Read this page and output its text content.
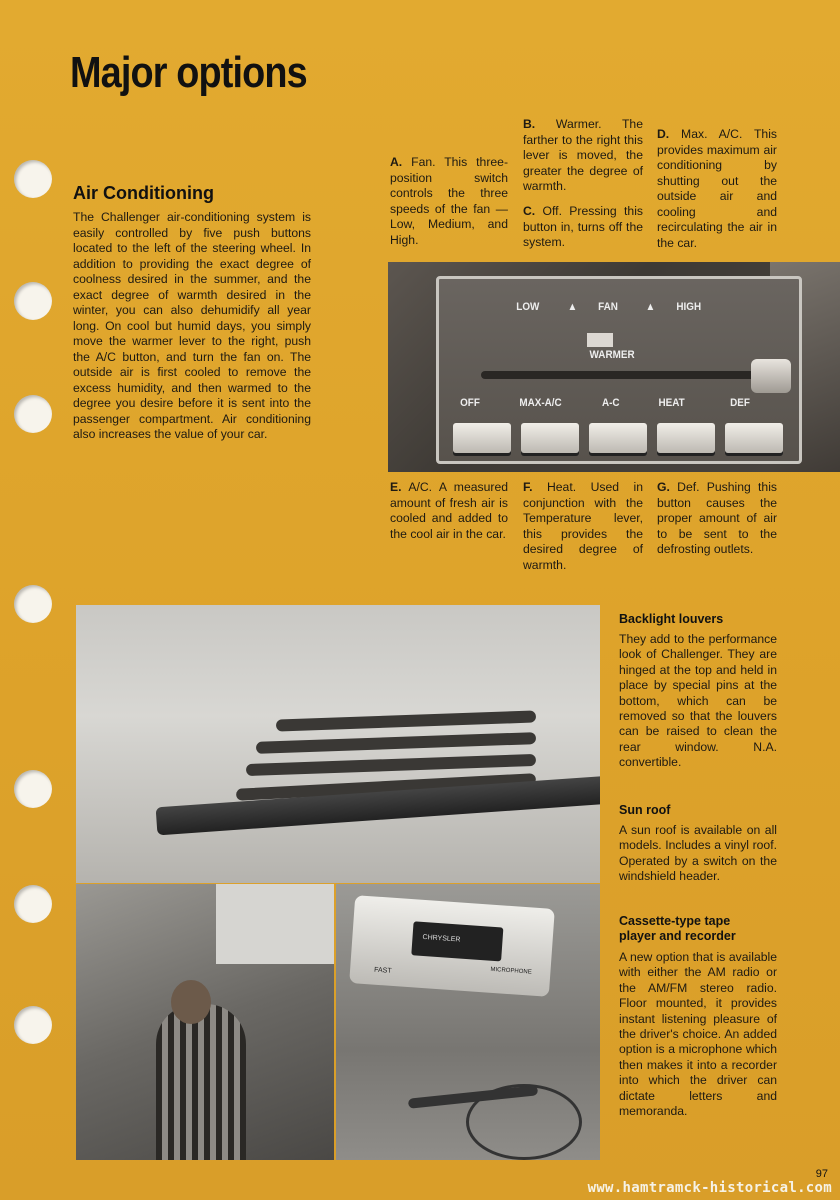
Major options
Air Conditioning

The Challenger air-conditioning system is easily controlled by five push buttons located to the left of the steering wheel. In addition to providing the exact degree of coolness desired in the summer, and the exact degree of warmth desired in the winter, you can also dehumidify all year long. On cool but humid days, you simply move the warmer lever to the right, push the A/C button, and turn the fan on. The outside air is first cooled to remove the excess humidity, and then warmed to the degree you desire before it is sent into the passenger compartment. Air conditioning also increases the value of your car.

A. Fan. This three-position switch controls the three speeds of the fan —Low, Medium, and High.

B. Warmer. The farther to the right this lever is moved, the greater the degree of warmth.

C. Off. Pressing this button in, turns off the system.

D. Max. A/C. This provides maximum air conditioning by shutting out the outside air and cooling and recirculating the air in the car.

LOW	▲ FAN	▲ HIGH
WARMER
OFF	MAX-A/C	A-C	HEAT	DEF

E. A/C. A measured amount of fresh air is cooled and added to the cool air in the car.

F. Heat. Used in conjunction with the Temperature lever, this provides the desired degree of warmth.

G. Def. Pushing this button causes the proper amount of air to be sent to the defrosting outlets.

CHRYSLER
FAST	MICROPHONE
Backlight louvers

They add to the performance look of Challenger. They are hinged at the top and held in place by special pins at the bottom, which can be removed so that the louvers can be raised to clean the rear window. N.A. convertible.

Sun roof

A sun roof is available on all models. Includes a vinyl roof. Operated by a switch on the windshield header.

Cassette-type tape player and recorder

A new option that is available with either the AM radio or the AM/FM stereo radio. Floor mounted, it provides instant listening pleasure of the driver's choice. An added option is a microphone which then makes it into a recorder into which the driver can dictate letters and memoranda.

97
www.hamtramck-historical.com
